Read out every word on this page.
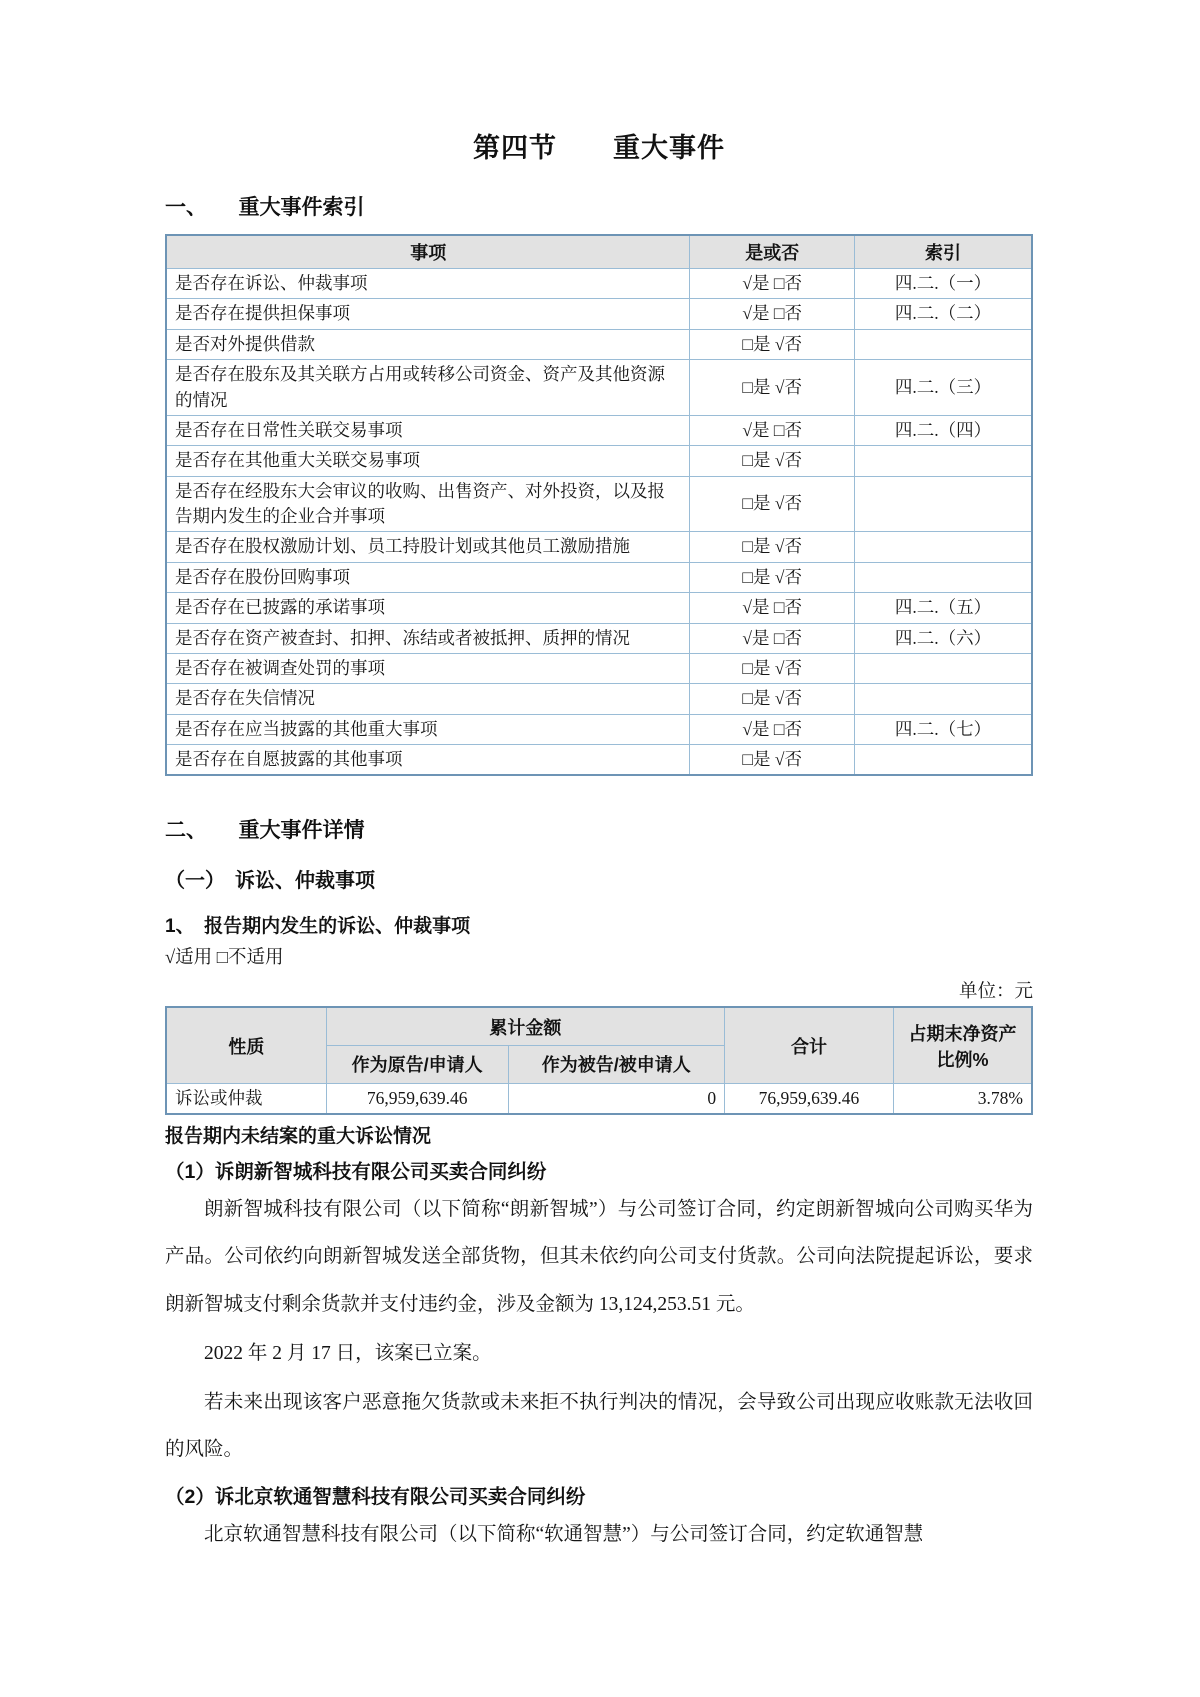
第四节　　重大事件
一、　　重大事件索引
事项	是或否	索引
是否存在诉讼、仲裁事项	√是 □否	四.二.（一）
是否存在提供担保事项	√是 □否	四.二.（二）
是否对外提供借款	□是 √否	
是否存在股东及其关联方占用或转移公司资金、资产及其他资源的情况	□是 √否	四.二.（三）
是否存在日常性关联交易事项	√是 □否	四.二.（四）
是否存在其他重大关联交易事项	□是 √否	
是否存在经股东大会审议的收购、出售资产、对外投资，以及报告期内发生的企业合并事项	□是 √否	
是否存在股权激励计划、员工持股计划或其他员工激励措施	□是 √否	
是否存在股份回购事项	□是 √否	
是否存在已披露的承诺事项	√是 □否	四.二.（五）
是否存在资产被查封、扣押、冻结或者被抵押、质押的情况	√是 □否	四.二.（六）
是否存在被调查处罚的事项	□是 √否	
是否存在失信情况	□是 √否	
是否存在应当披露的其他重大事项	√是 □否	四.二.（七）
是否存在自愿披露的其他事项	□是 √否	
二、　　重大事件详情
（一）　诉讼、仲裁事项
1、　报告期内发生的诉讼、仲裁事项
√适用 □不适用
单位：元
性质	累计金额		合计	占期末净资产比例%
	作为原告/申请人	作为被告/被申请人		
诉讼或仲裁	76,959,639.46	0	76,959,639.46	3.78%
报告期内未结案的重大诉讼情况
（1）诉朗新智城科技有限公司买卖合同纠纷

朗新智城科技有限公司（以下简称“朗新智城”）与公司签订合同，约定朗新智城向公司购买华为产品。公司依约向朗新智城发送全部货物，但其未依约向公司支付货款。公司向法院提起诉讼，要求朗新智城支付剩余货款并支付违约金，涉及金额为 13,124,253.51 元。

2022 年 2 月 17 日，该案已立案。

若未来出现该客户恶意拖欠货款或未来拒不执行判决的情况，会导致公司出现应收账款无法收回的风险。

（2）诉北京软通智慧科技有限公司买卖合同纠纷

北京软通智慧科技有限公司（以下简称“软通智慧”）与公司签订合同，约定软通智慧
